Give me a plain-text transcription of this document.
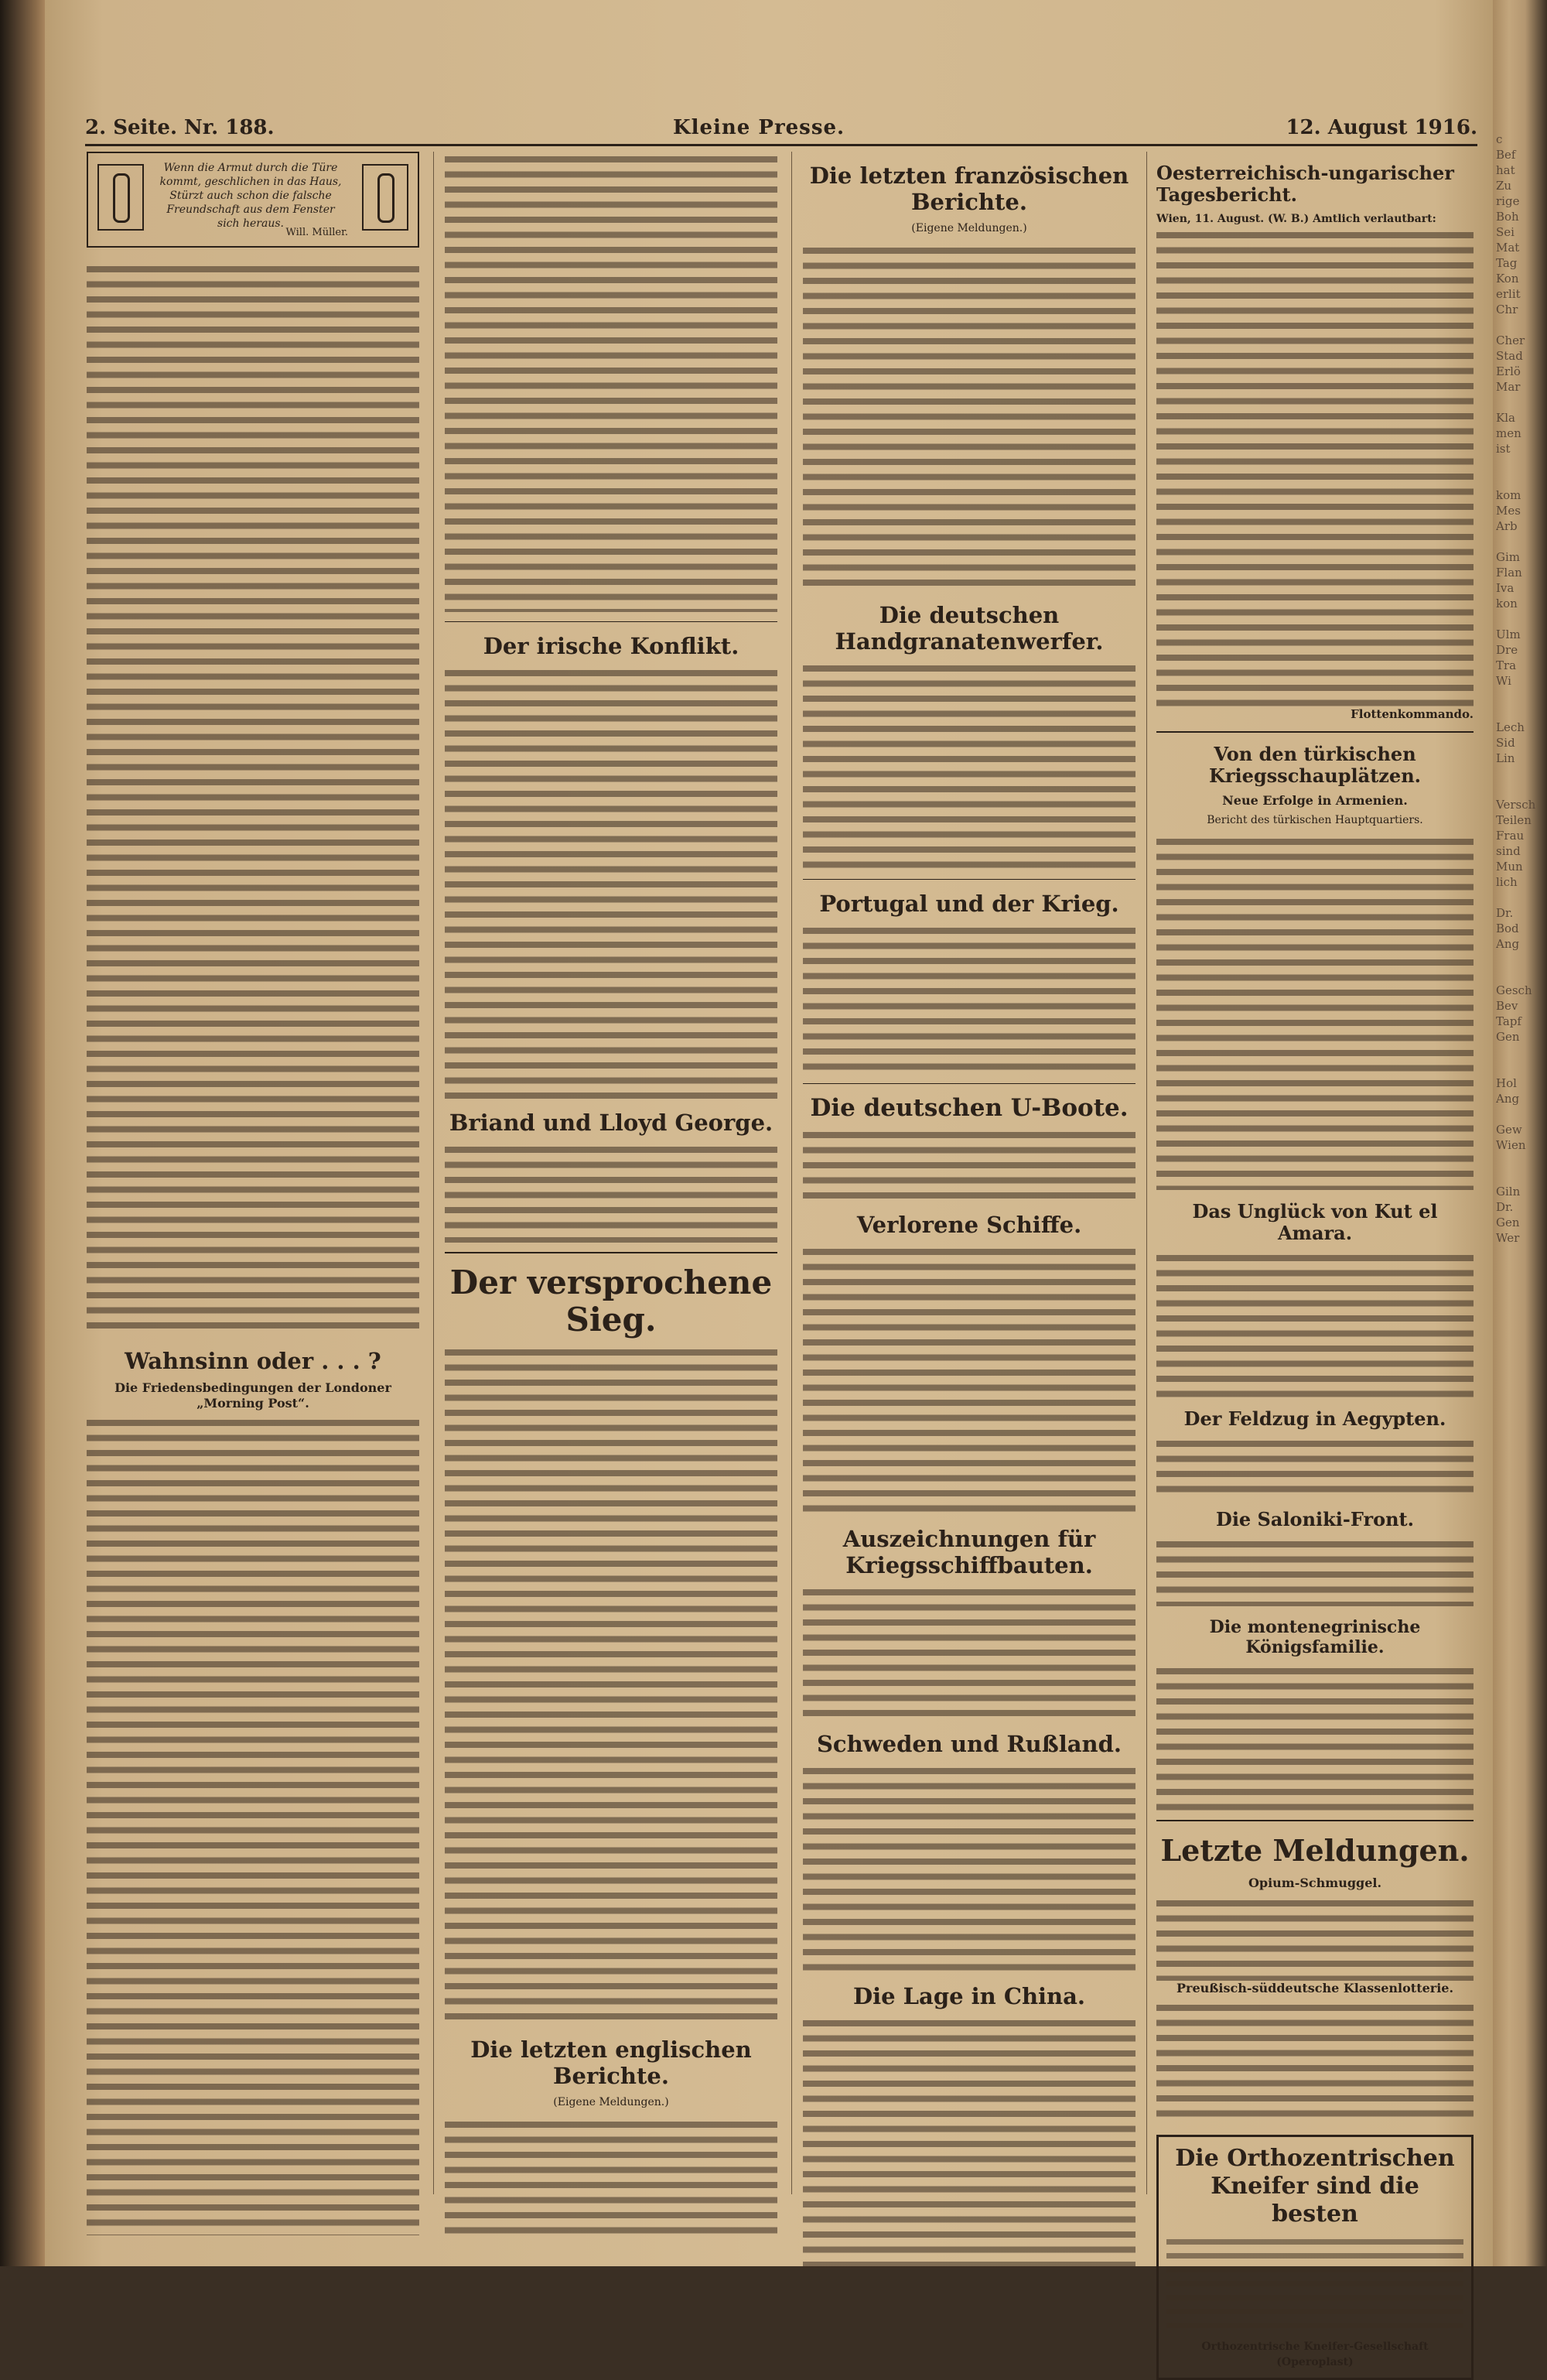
2. Seite. Nr. 188.	Kleine Presse.	12. August 1916.
Wenn die Armut durch die Türe kommt, geschlichen in das Haus, Stürzt auch schon die falsche Freundschaft aus dem Fenster sich heraus.
Will. Müller.
Wahnsinn oder . . . ?
Die Friedensbedingungen der Londoner „Morning Post“.
Der irische Konflikt.
Briand und Lloyd George.
Der versprochene Sieg.
Die letzten englischen Berichte.
(Eigene Meldungen.)
Die letzten französischen Berichte.
(Eigene Meldungen.)
Die deutschen Handgranatenwerfer.
Portugal und der Krieg.
Die deutschen U-Boote.
Verlorene Schiffe.
Auszeichnungen für Kriegsschiffbauten.
Schweden und Rußland.
Die Lage in China.
Oesterreichisch-ungarischer Tagesbericht.
Wien, 11. August. (W. B.) Amtlich verlautbart:
Flottenkommando.
Von den türkischen Kriegsschauplätzen.
Neue Erfolge in Armenien.
Bericht des türkischen Hauptquartiers.
Das Unglück von Kut el Amara.
Der Feldzug in Aegypten.
Die Saloniki-Front.
Die montenegrinische Königsfamilie.
Letzte Meldungen.
Opium-Schmuggel.
Preußisch-süddeutsche Klassenlotterie.
Die Orthozentrischen Kneifer sind die besten
Orthozentrische Kneifer-Gesellschaft (Operoplast)
c
Bef
hat
Zu
rige
Boh
Sei
Mat
Tag
Kon
erlit
Chr
Cher
Stad
Erlö
Mar
Kla
men
ist
kom
Mes
Arb
Gim
Flan
Iva
kon
Ulm
Dre
Tra
Wi
Lech
Sid
Lin
Versch
Teilen
Frau
sind
Mun
lich
Dr.
Bod
Ang
Gesch
Bev
Tapf
Gen
Hol
Ang
Gew
Wien
Giln
Dr.
Gen
Wer
